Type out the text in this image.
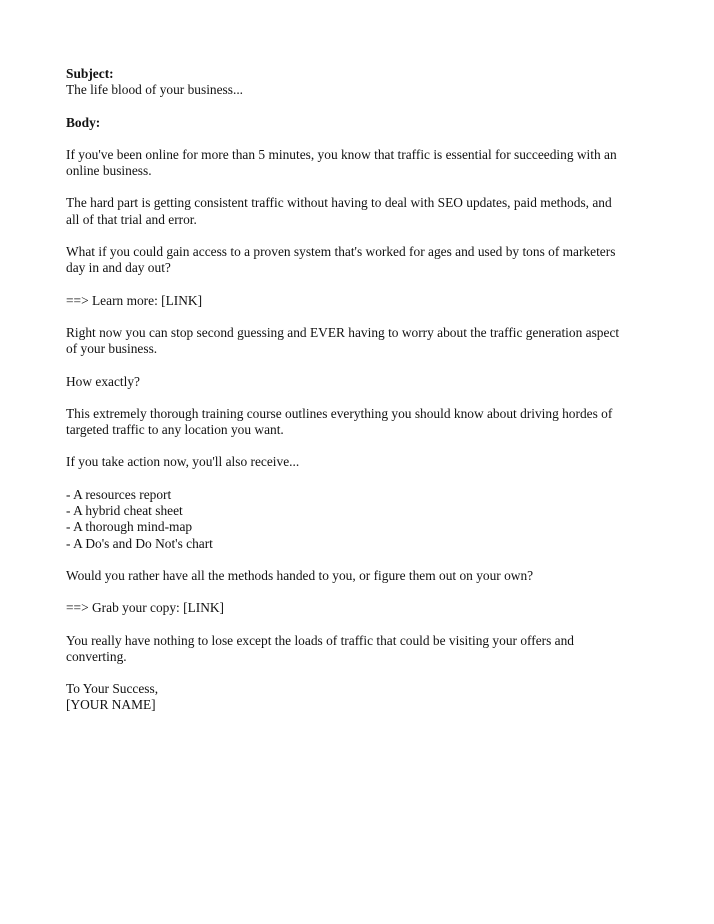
Subject:
The life blood of your business...
Body:
If you've been online for more than 5 minutes, you know that traffic is essential for succeeding with an
online business.
The hard part is getting consistent traffic without having to deal with SEO updates, paid methods, and
all of that trial and error.
What if you could gain access to a proven system that's worked for ages and used by tons of marketers
day in and day out?
==> Learn more: [LINK]
Right now you can stop second guessing and EVER having to worry about the traffic generation aspect
of your business.
How exactly?
This extremely thorough training course outlines everything you should know about driving hordes of
targeted traffic to any location you want.
If you take action now, you'll also receive...
- A resources report
- A hybrid cheat sheet
- A thorough mind-map
- A Do's and Do Not's chart
Would you rather have all the methods handed to you, or figure them out on your own?
==> Grab your copy: [LINK]
You really have nothing to lose except the loads of traffic that could be visiting your offers and
converting.
To Your Success,
[YOUR NAME]
